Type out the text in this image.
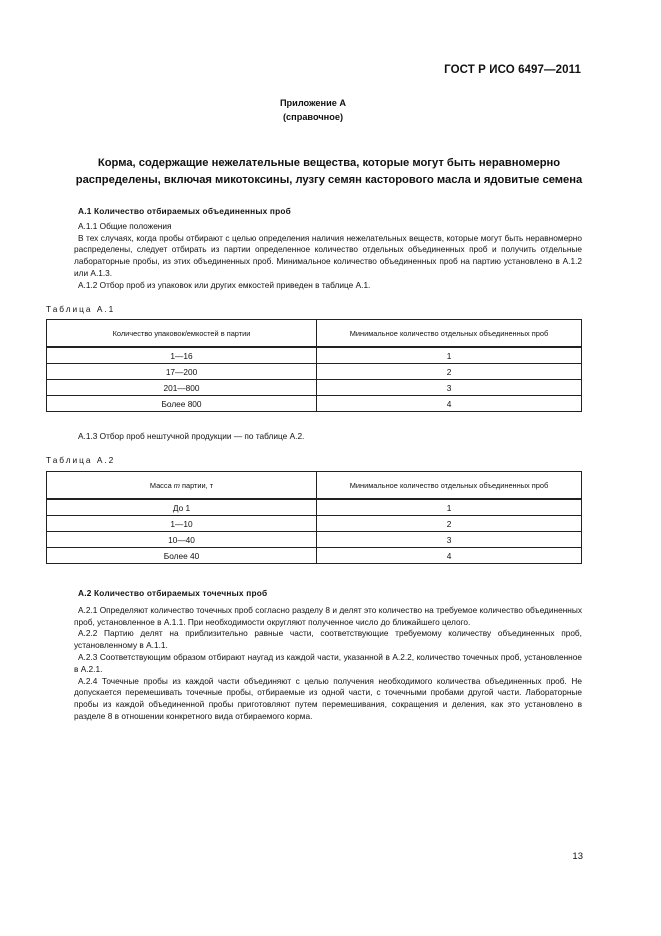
ГОСТ Р ИСО 6497—2011
Приложение А
(справочное)
Корма, содержащие нежелательные вещества, которые могут быть неравномерно распределены, включая микотоксины, лузгу семян касторового масла и ядовитые семена

А.1 Количество отбираемых объединенных проб

А.1.1 Общие положения

В тех случаях, когда пробы отбирают с целью определения наличия нежелательных веществ, которые могут быть неравномерно распределены, следует отбирать из партии определенное количество отдельных объединенных проб и получить отдельные лабораторные пробы, из этих объединенных проб. Минимальное количество объединенных проб на партию установлено в А.1.2 или А.1.3.

А.1.2 Отбор проб из упаковок или других емкостей приведен в таблице А.1.

Таблица А.1
Количество упаковок/емкостей в партии	Минимальное количество отдельных объединенных проб
1—16	1
17—200	2
201—800	3
Более 800	4

А.1.3 Отбор проб нештучной продукции — по таблице А.2.

Таблица А.2
Масса m партии, т	Минимальное количество отдельных объединенных проб
До 1	1
1—10	2
10—40	3
Более 40	4

А.2 Количество отбираемых точечных проб

А.2.1 Определяют количество точечных проб согласно разделу 8 и делят это количество на требуемое количество объединенных проб, установленное в А.1.1. При необходимости округляют полученное число до ближайшего целого.

А.2.2 Партию делят на приблизительно равные части, соответствующие требуемому количеству объединенных проб, установленному в А.1.1.

А.2.3 Соответствующим образом отбирают наугад из каждой части, указанной в А.2.2, количество точечных проб, установленное в А.2.1.

А.2.4 Точечные пробы из каждой части объединяют с целью получения необходимого количества объединенных проб. Не допускается перемешивать точечные пробы, отбираемые из одной части, с точечными пробами другой части. Лабораторные пробы из каждой объединенной пробы приготовляют путем перемешивания, сокращения и деления, как это установлено в разделе 8 в отношении конкретного вида отбираемого корма.

13
